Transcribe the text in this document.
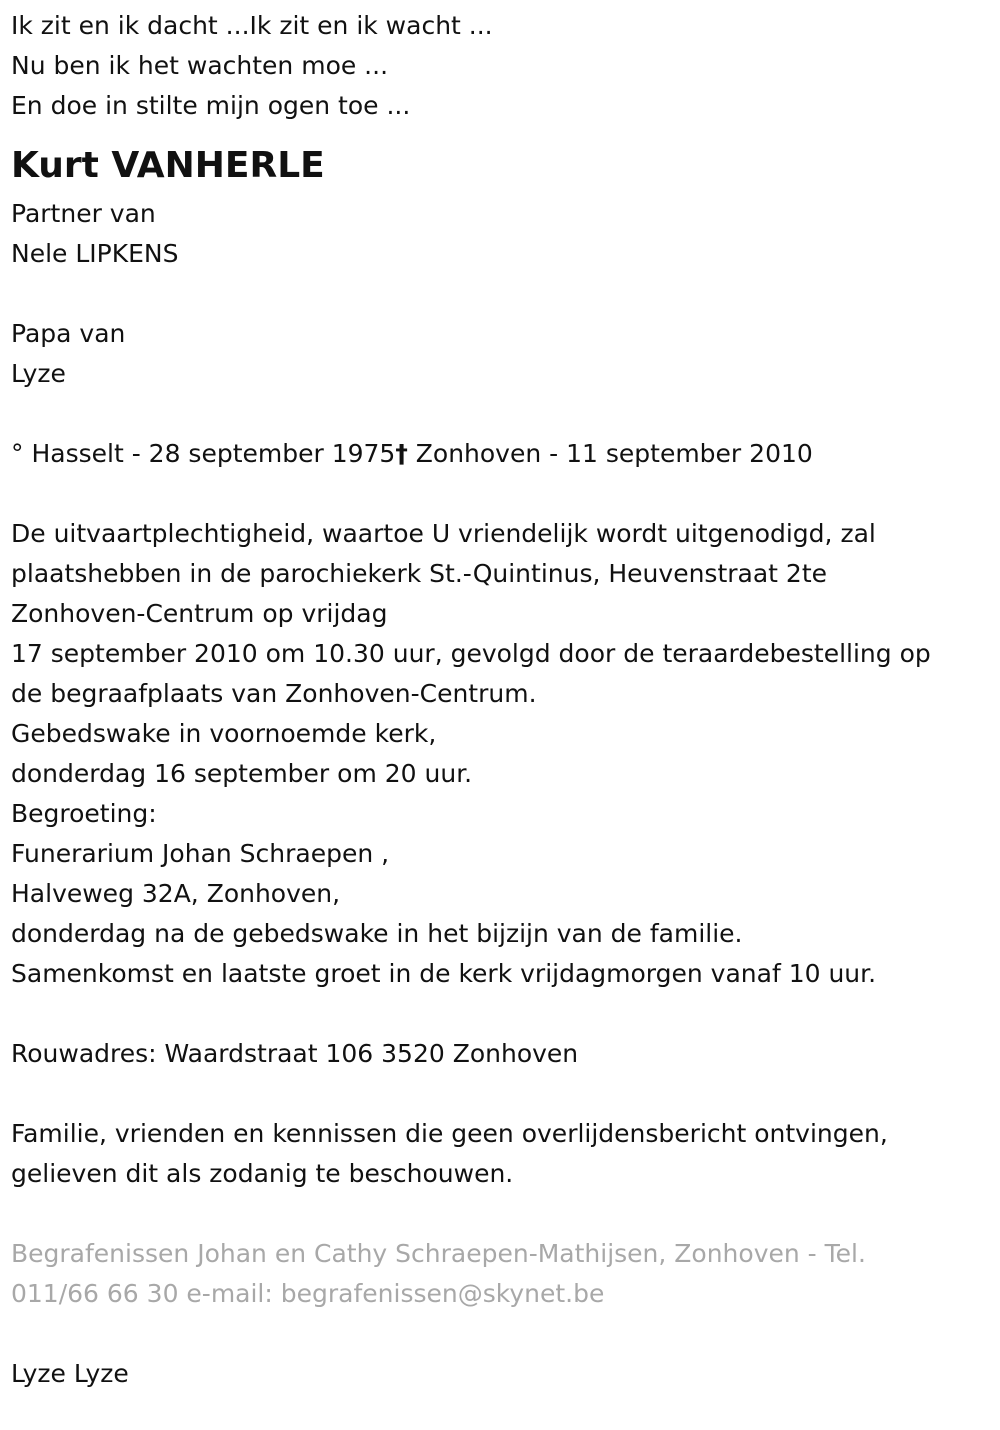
Ik zit en ik dacht ...Ik zit en ik wacht ...
Nu ben ik het wachten moe ...
En doe in stilte mijn ogen toe ...
Kurt VANHERLE
Partner van
Nele LIPKENS
Papa van
Lyze
° Hasselt - 28 september 1975† Zonhoven - 11 september 2010
De uitvaartplechtigheid, waartoe U vriendelijk wordt uitgenodigd, zal
plaatshebben in de parochiekerk St.-Quintinus, Heuvenstraat 2te
Zonhoven-Centrum op vrijdag
17 september 2010 om 10.30 uur, gevolgd door de teraardebestelling op
de begraafplaats van Zonhoven-Centrum.
Gebedswake in voornoemde kerk,
donderdag 16 september om 20 uur.
Begroeting:
Funerarium Johan Schraepen ,
Halveweg 32A, Zonhoven,
donderdag na de gebedswake in het bijzijn van de familie.
Samenkomst en laatste groet in de kerk vrijdagmorgen vanaf 10 uur.
Rouwadres: Waardstraat 106 3520 Zonhoven
Familie, vrienden en kennissen die geen overlijdensbericht ontvingen,
gelieven dit als zodanig te beschouwen.
Begrafenissen Johan en Cathy Schraepen-Mathijsen, Zonhoven - Tel.
011/66 66 30 e-mail: begrafenissen@skynet.be
Lyze Lyze
